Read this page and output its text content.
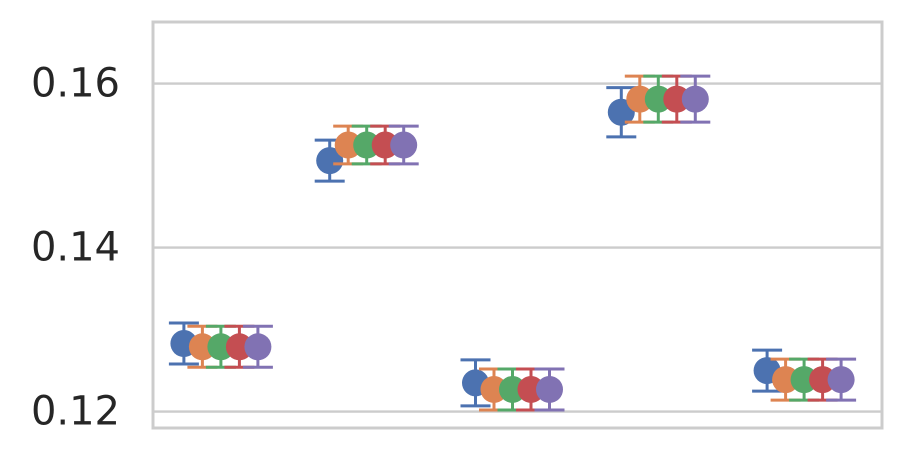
0.12
0.14
0.16
